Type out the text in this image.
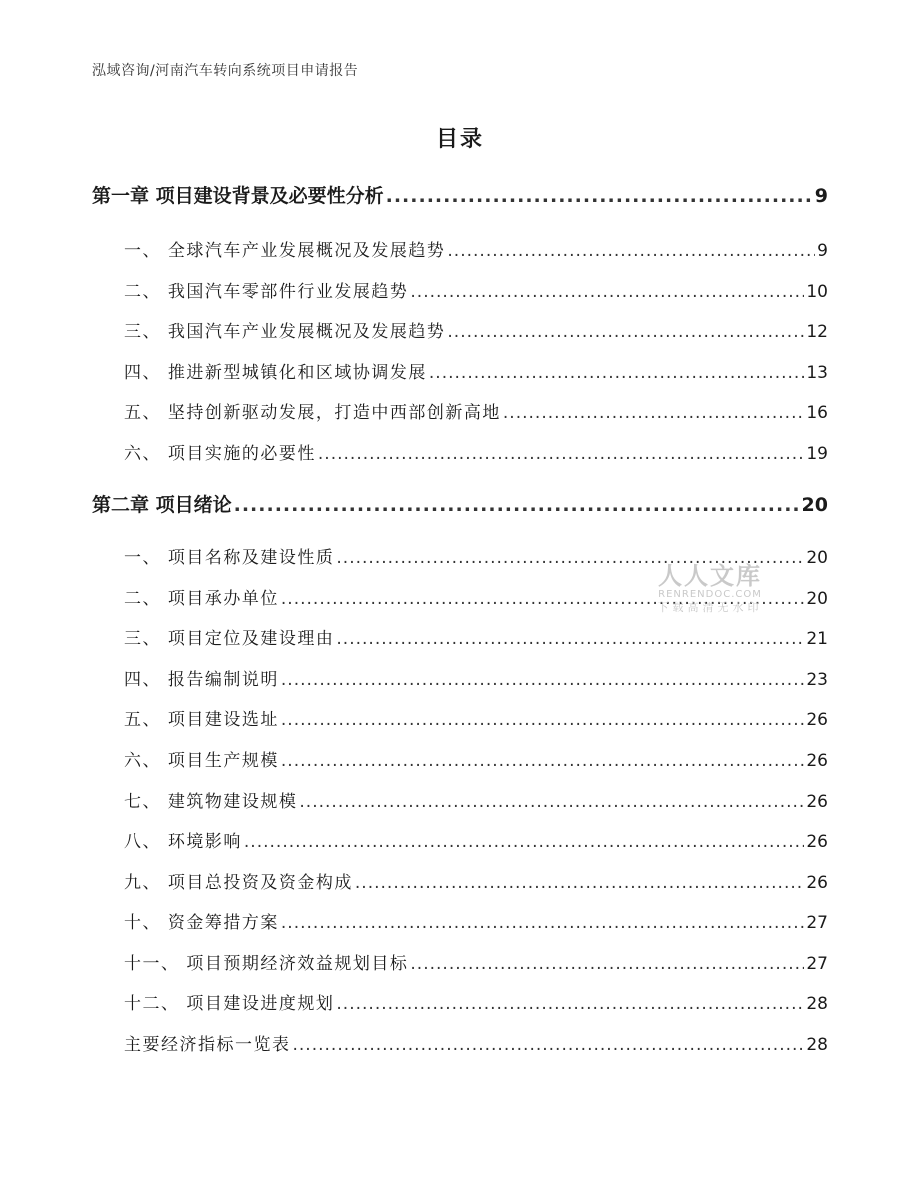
泓域咨询/河南汽车转向系统项目申请报告
目录
第一章 项目建设背景及必要性分析 .....	9
一、 全球汽车产业发展概况及发展趋势 .....	9
二、 我国汽车零部件行业发展趋势 .....	10
三、 我国汽车产业发展概况及发展趋势 .....	12
四、 推进新型城镇化和区域协调发展 .....	13
五、 坚持创新驱动发展，打造中西部创新高地 .....	16
六、 项目实施的必要性 .....	19
第二章 项目绪论 .....	20
一、 项目名称及建设性质 .....	20
二、 项目承办单位 .....	20
三、 项目定位及建设理由 .....	21
四、 报告编制说明 .....	23
五、 项目建设选址 .....	26
六、 项目生产规模 .....	26
七、 建筑物建设规模 .....	26
八、 环境影响 .....	26
九、 项目总投资及资金构成 .....	26
十、 资金筹措方案 .....	27
十一、 项目预期经济效益规划目标 .....	27
十二、 项目建设进度规划 .....	28
主要经济指标一览表 .....	28
人人文库
RENRENDOC.COM
下载高清无水印
